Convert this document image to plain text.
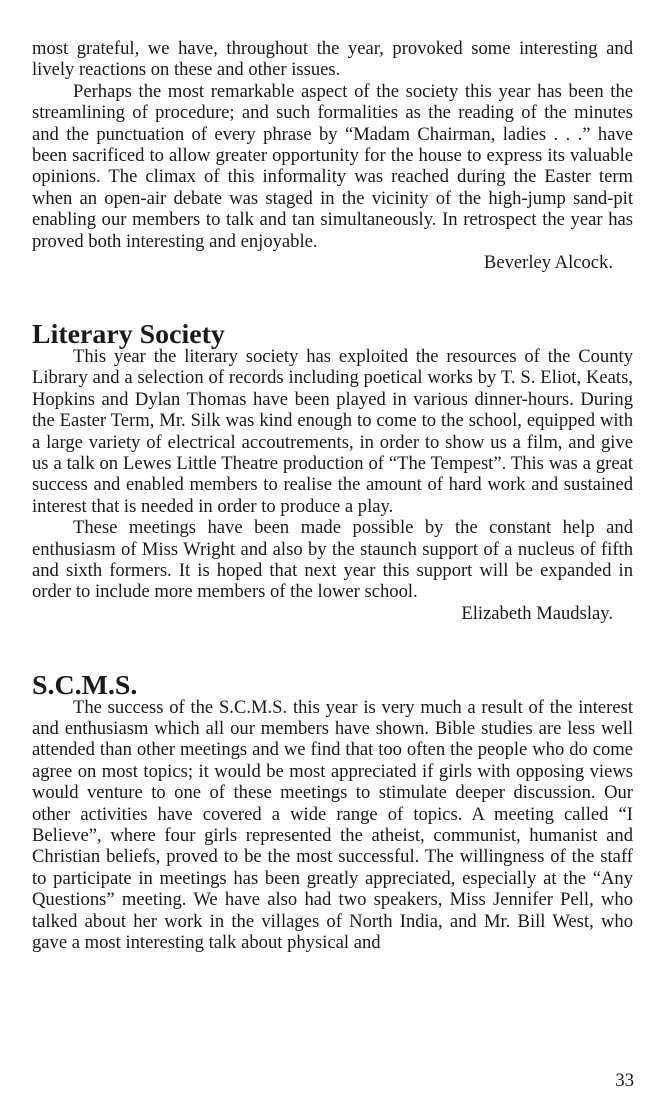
most grateful, we have, throughout the year, provoked some interesting and lively reactions on these and other issues.

Perhaps the most remarkable aspect of the society this year has been the streamlining of procedure; and such formalities as the reading of the minutes and the punctuation of every phrase by “Madam Chairman, ladies . . .” have been sacrificed to allow greater opportunity for the house to express its valuable opinions. The climax of this informality was reached during the Easter term when an open-air debate was staged in the vicinity of the high-jump sand-pit enabling our members to talk and tan simultaneously. In retrospect the year has proved both interesting and enjoyable.

Beverley Alcock.

Literary Society

This year the literary society has exploited the resources of the County Library and a selection of records including poetical works by T. S. Eliot, Keats, Hopkins and Dylan Thomas have been played in various dinner-hours. During the Easter Term, Mr. Silk was kind enough to come to the school, equipped with a large variety of electrical accoutrements, in order to show us a film, and give us a talk on Lewes Little Theatre production of “The Tempest”. This was a great success and enabled members to realise the amount of hard work and sustained interest that is needed in order to produce a play.

These meetings have been made possible by the constant help and enthusiasm of Miss Wright and also by the staunch support of a nucleus of fifth and sixth formers. It is hoped that next year this support will be expanded in order to include more members of the lower school.

Elizabeth Maudslay.

S.C.M.S.

The success of the S.C.M.S. this year is very much a result of the interest and enthusiasm which all our members have shown. Bible studies are less well attended than other meetings and we find that too often the people who do come agree on most topics; it would be most appreciated if girls with opposing views would venture to one of these meetings to stimulate deeper discussion. Our other activities have covered a wide range of topics. A meeting called “I Believe”, where four girls represented the atheist, communist, humanist and Christian beliefs, proved to be the most successful. The willingness of the staff to participate in meetings has been greatly appreciated, especially at the “Any Questions” meeting. We have also had two speakers, Miss Jennifer Pell, who talked about her work in the villages of North India, and Mr. Bill West, who gave a most interesting talk about physical and

33
